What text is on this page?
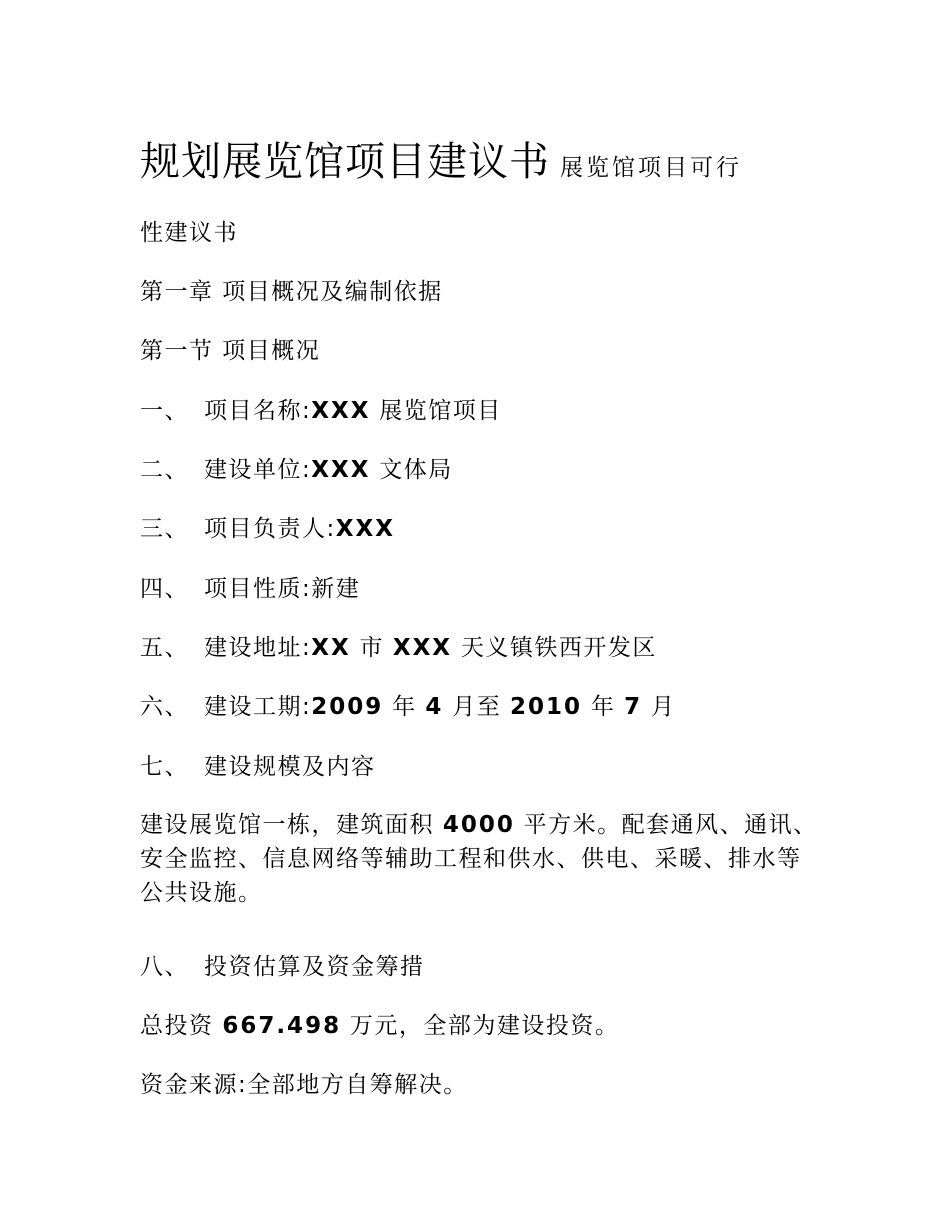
规划展览馆项目建议书 展览馆项目可行
性建议书
第一章 项目概况及编制依据
第一节 项目概况
一、 项目名称:XXX 展览馆项目
二、 建设单位:XXX 文体局
三、 项目负责人:XXX
四、 项目性质:新建
五、 建设地址:XX 市 XXX 天义镇铁西开发区
六、 建设工期:2009 年 4 月至 2010 年 7 月
七、 建设规模及内容
建设展览馆一栋，建筑面积 4000 平方米。配套通风、通讯、安全监控、信息网络等辅助工程和供水、供电、采暖、排水等公共设施。
八、 投资估算及资金筹措
总投资 667.498 万元，全部为建设投资。
资金来源:全部地方自筹解决。
